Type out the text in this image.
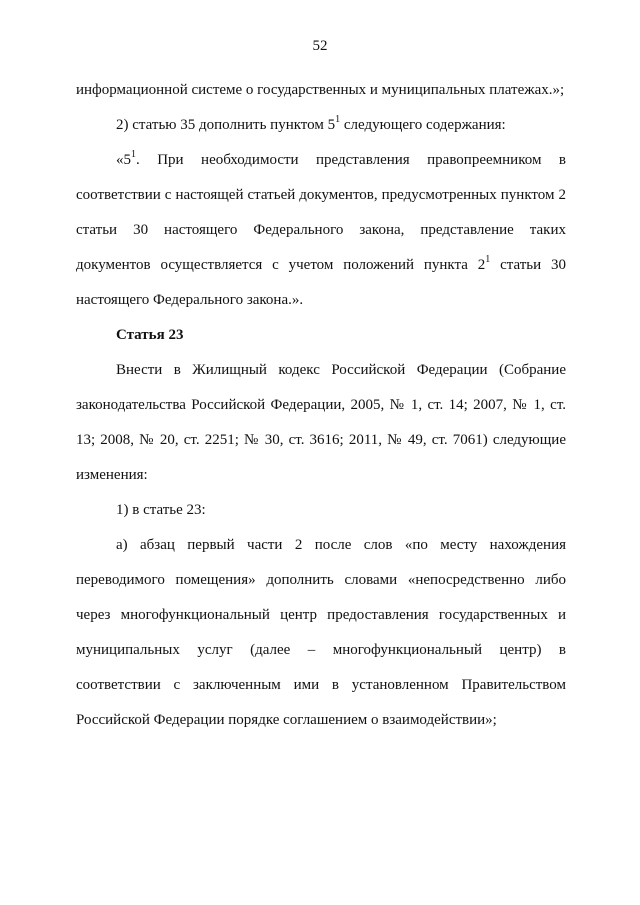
52

информационной системе о государственных и муниципальных платежах.»;

2) статью 35 дополнить пунктом $5^1$ следующего содержания:

«$5^1$. При необходимости представления правопреемником в соответствии с настоящей статьей документов, предусмотренных пунктом 2 статьи 30 настоящего Федерального закона, представление таких документов осуществляется с учетом положений пункта $2^1$ статьи 30 настоящего Федерального закона.».

Статья 23

Внести в Жилищный кодекс Российской Федерации (Собрание законодательства Российской Федерации, 2005, № 1, ст. 14; 2007, № 1, ст. 13; 2008, № 20, ст. 2251; № 30, ст. 3616; 2011, № 49, ст. 7061) следующие изменения:

1) в статье 23:

а) абзац первый части 2 после слов «по месту нахождения переводимого помещения» дополнить словами «непосредственно либо через многофункциональный центр предоставления государственных и муниципальных услуг (далее – многофункциональный центр) в соответствии с заключенным ими в установленном Правительством Российской Федерации порядке соглашением о взаимодействии»;
